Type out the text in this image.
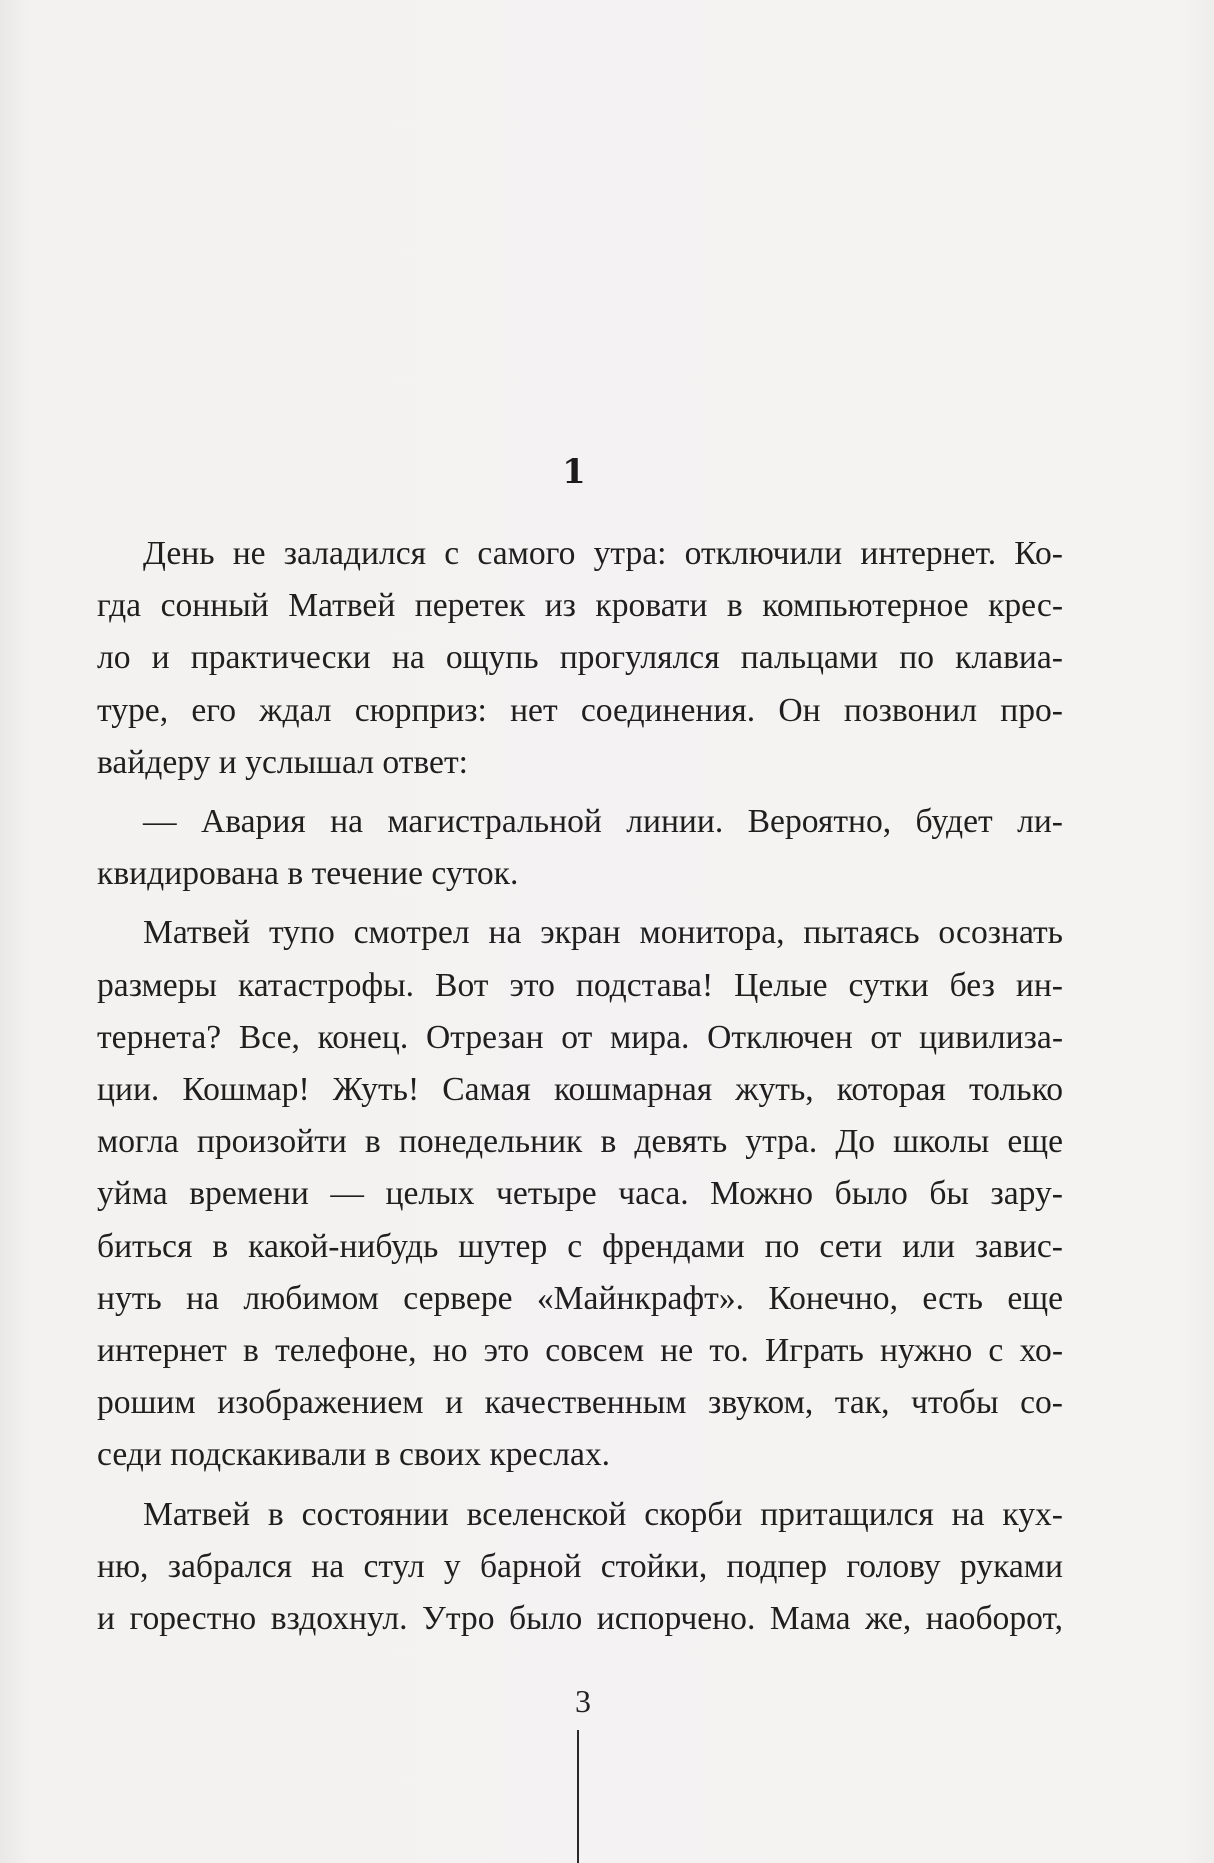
1
День не заладился с самого утра: отключили интернет. Ко-
гда сонный Матвей перетек из кровати в компьютерное крес-
ло и практически на ощупь прогулялся пальцами по клавиа-
туре, его ждал сюрприз: нет соединения. Он позвонил про-
вайдеру и услышал ответ:
— Авария на магистральной линии. Вероятно, будет ли-
квидирована в течение суток.
Матвей тупо смотрел на экран монитора, пытаясь осознать
размеры катастрофы. Вот это подстава! Целые сутки без ин-
тернета? Все, конец. Отрезан от мира. Отключен от цивилиза-
ции. Кошмар! Жуть! Самая кошмарная жуть, которая только
могла произойти в понедельник в девять утра. До школы еще
уйма времени — целых четыре часа. Можно было бы зару-
биться в какой-нибудь шутер с френдами по сети или завис-
нуть на любимом сервере «Майнкрафт». Конечно, есть еще
интернет в телефоне, но это совсем не то. Играть нужно с хо-
рошим изображением и качественным звуком, так, чтобы со-
седи подскакивали в своих креслах.
Матвей в состоянии вселенской скорби притащился на кух-
ню, забрался на стул у барной стойки, подпер голову руками
и горестно вздохнул. Утро было испорчено. Мама же, наоборот,
3
